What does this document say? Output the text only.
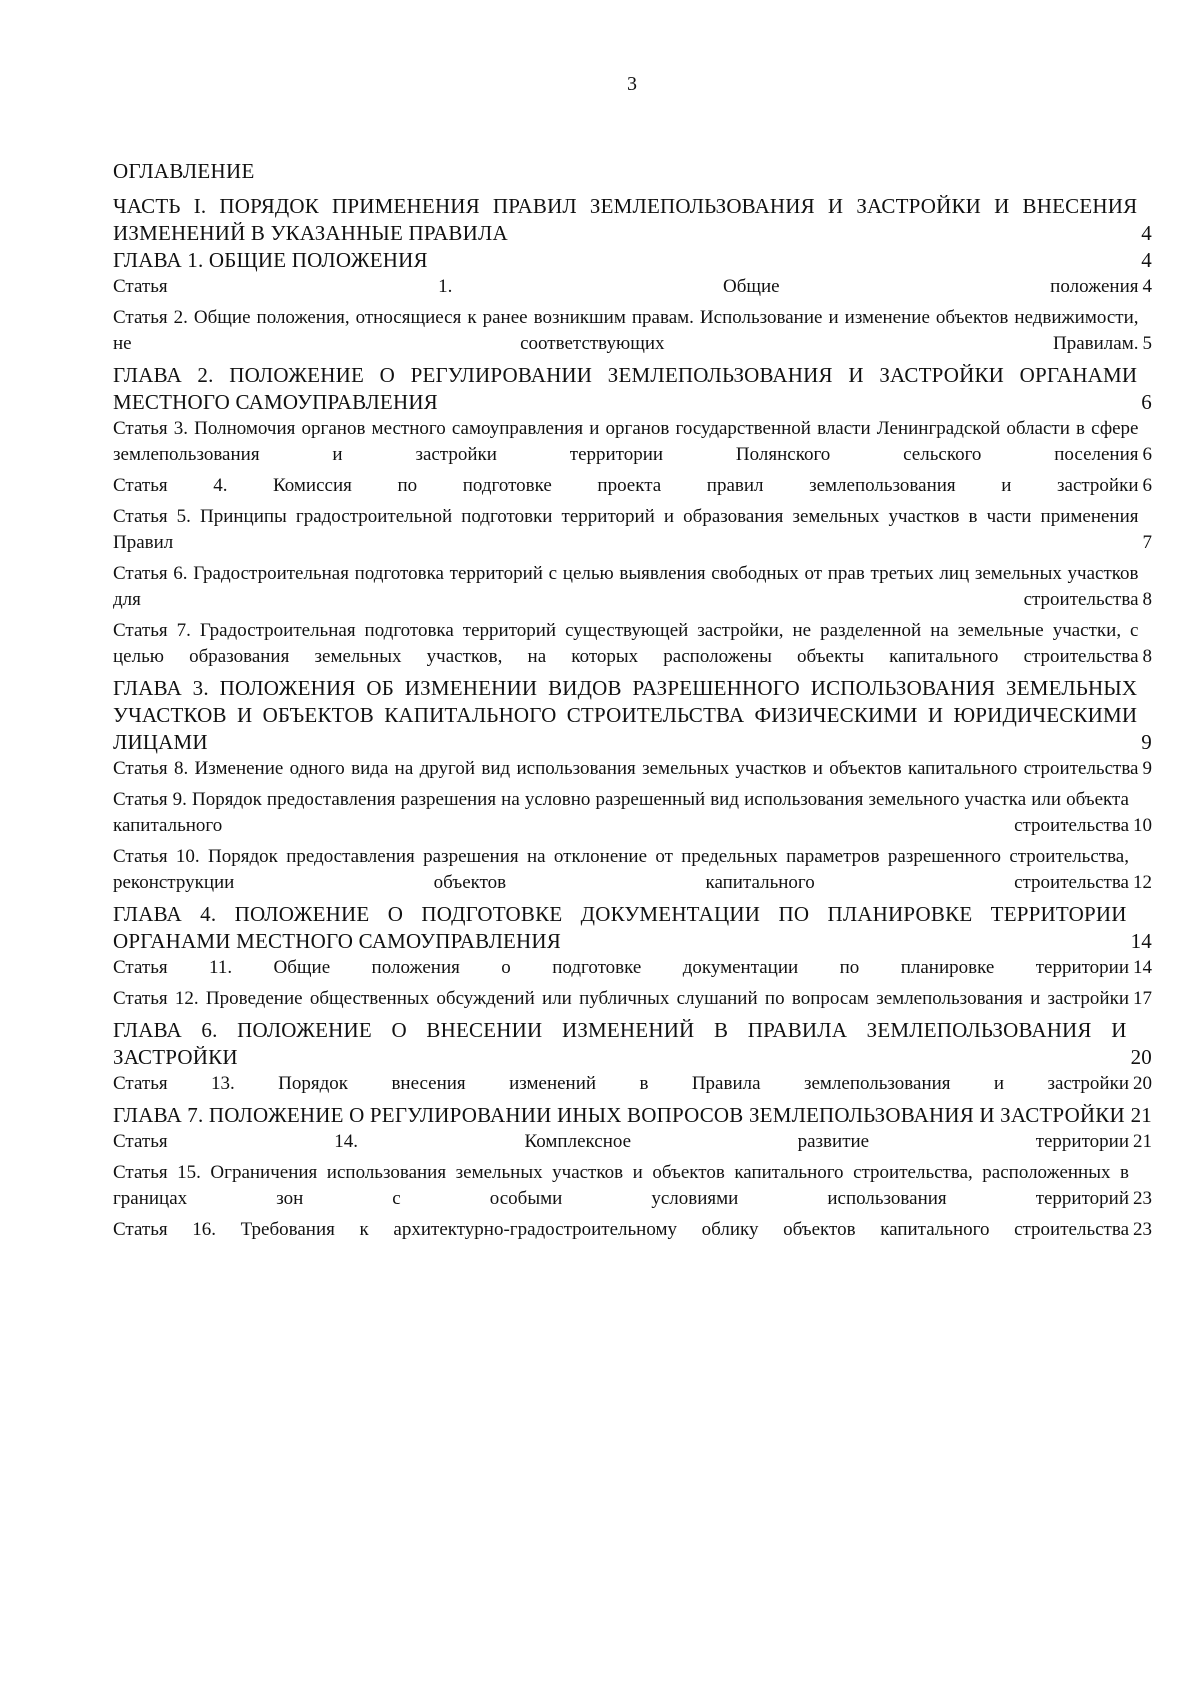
3
ОГЛАВЛЕНИЕ
ЧАСТЬ I. ПОРЯДОК ПРИМЕНЕНИЯ ПРАВИЛ ЗЕМЛЕПОЛЬЗОВАНИЯ И ЗАСТРОЙКИ И ВНЕСЕНИЯ ИЗМЕНЕНИЙ В УКАЗАННЫЕ ПРАВИЛА	4
ГЛАВА 1. ОБЩИЕ ПОЛОЖЕНИЯ	4
Статья 1. Общие положения 4
Статья 2. Общие положения, относящиеся к ранее возникшим правам. Использование и изменение объектов недвижимости, не соответствующих Правилам. 5
ГЛАВА 2. ПОЛОЖЕНИЕ О РЕГУЛИРОВАНИИ ЗЕМЛЕПОЛЬЗОВАНИЯ И ЗАСТРОЙКИ ОРГАНАМИ МЕСТНОГО САМОУПРАВЛЕНИЯ	6
Статья 3. Полномочия органов местного самоуправления и органов государственной власти Ленинградской области в сфере землепользования и застройки территории Полянского сельского поселения 6
Статья 4. Комиссия по подготовке проекта правил землепользования и застройки 6
Статья 5. Принципы градостроительной подготовки территорий и образования земельных участков в части применения Правил	7
Статья 6. Градостроительная подготовка территорий с целью выявления свободных от прав третьих лиц земельных участков для строительства 8
Статья 7. Градостроительная подготовка территорий существующей застройки, не разделенной на земельные участки, с целью образования земельных участков, на которых расположены объекты капитального строительства 8
ГЛАВА 3. ПОЛОЖЕНИЯ ОБ ИЗМЕНЕНИИ ВИДОВ РАЗРЕШЕННОГО ИСПОЛЬЗОВАНИЯ ЗЕМЕЛЬНЫХ УЧАСТКОВ И ОБЪЕКТОВ КАПИТАЛЬНОГО СТРОИТЕЛЬСТВА ФИЗИЧЕСКИМИ И ЮРИДИЧЕСКИМИ ЛИЦАМИ	9
Статья 8. Изменение одного вида на другой вид использования земельных участков и объектов капитального строительства 9
Статья 9. Порядок предоставления разрешения на условно разрешенный вид использования земельного участка или объекта капитального строительства 10
Статья 10. Порядок предоставления разрешения на отклонение от предельных параметров разрешенного строительства, реконструкции объектов капитального строительства 12
ГЛАВА 4. ПОЛОЖЕНИЕ О ПОДГОТОВКЕ ДОКУМЕНТАЦИИ ПО ПЛАНИРОВКЕ ТЕРРИТОРИИ ОРГАНАМИ МЕСТНОГО САМОУПРАВЛЕНИЯ	14
Статья 11. Общие положения о подготовке документации по планировке территории 14
Статья 12. Проведение общественных обсуждений или публичных слушаний по вопросам землепользования и застройки 17
ГЛАВА 6. ПОЛОЖЕНИЕ О ВНЕСЕНИИ ИЗМЕНЕНИЙ В ПРАВИЛА ЗЕМЛЕПОЛЬЗОВАНИЯ И ЗАСТРОЙКИ	20
Статья 13. Порядок внесения изменений в Правила землепользования и застройки 20
ГЛАВА 7. ПОЛОЖЕНИЕ О РЕГУЛИРОВАНИИ ИНЫХ ВОПРОСОВ ЗЕМЛЕПОЛЬЗОВАНИЯ И ЗАСТРОЙКИ 21
Статья 14. Комплексное развитие территории 21
Статья 15. Ограничения использования земельных участков и объектов капитального строительства, расположенных в границах зон с особыми условиями использования территорий 23
Статья 16. Требования к архитектурно-градостроительному облику объектов капитального строительства 23
